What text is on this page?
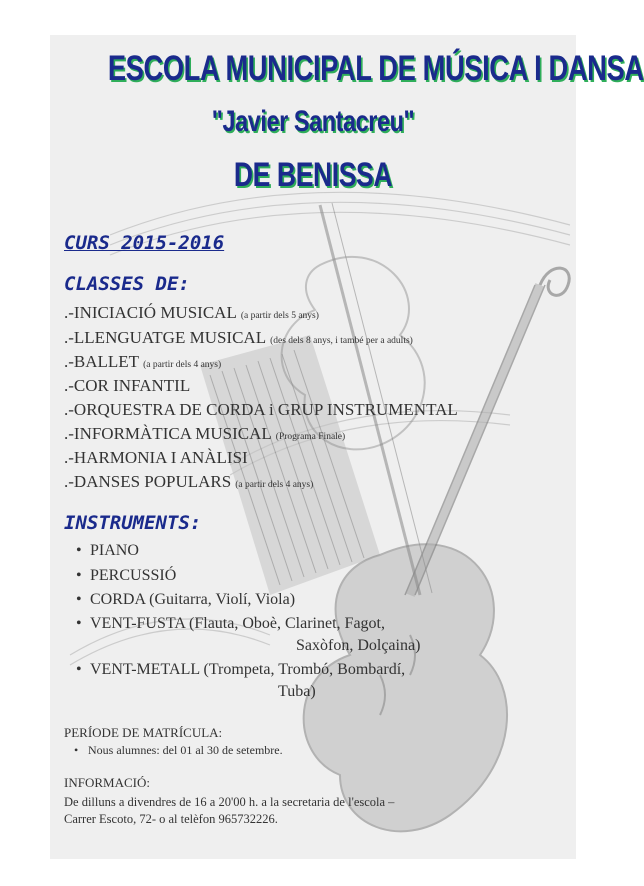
ESCOLA MUNICIPAL DE MÚSICA I DANSA
"Javier Santacreu"
DE BENISSA
CURS 2015-2016
CLASSES DE:
.-INICIACIÓ MUSICAL (a partir dels 5 anys)
.-LLENGUATGE MUSICAL (des dels 8 anys, i també per a adults)
.-BALLET (a partir dels 4 anys)
.-COR INFANTIL
.-ORQUESTRA DE CORDA i GRUP INSTRUMENTAL
.-INFORMÀTICA MUSICAL (Programa Finale)
.-HARMONIA I ANÀLISI
.-DANSES POPULARS (a partir dels 4 anys)
INSTRUMENTS:
• PIANO
• PERCUSSIÓ
• CORDA (Guitarra, Violí, Viola)
• VENT-FUSTA (Flauta, Oboè, Clarinet, Fagot,
Saxòfon, Dolçaina)
• VENT-METALL (Trompeta, Trombó, Bombardí,
Tuba)
PERÍODE DE MATRÍCULA:
• Nous alumnes: del 01 al 30 de setembre.
INFORMACIÓ:
De dilluns a divendres de 16 a 20'00 h. a la secretaria de l'escola –
Carrer Escoto, 72- o al telèfon 965732226.
